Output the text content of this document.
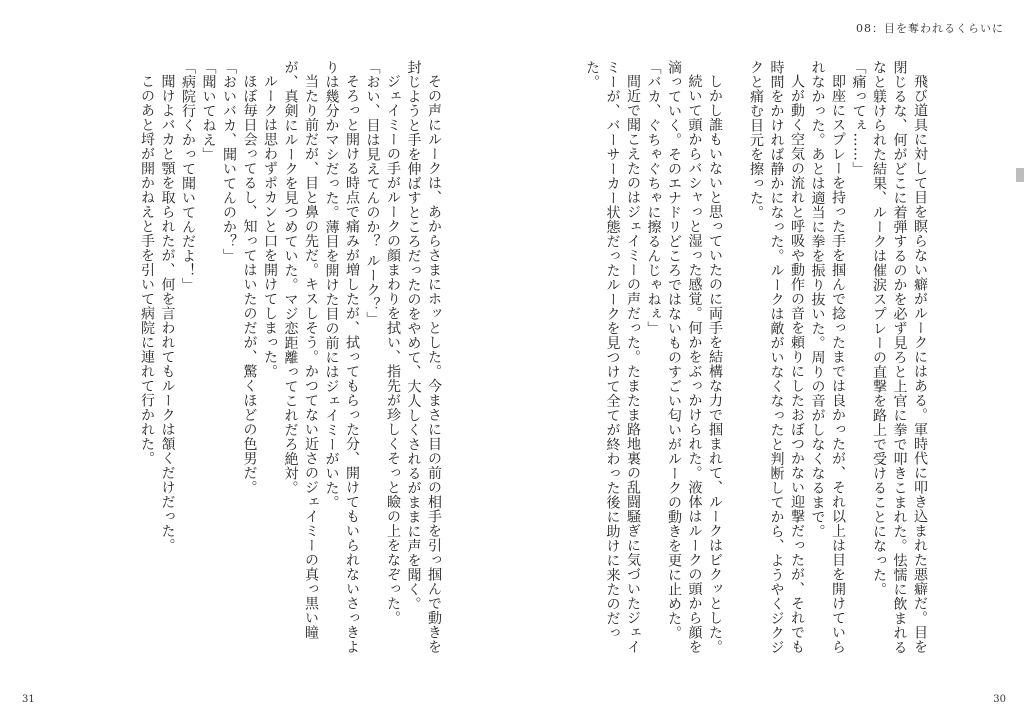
08：目を奪われるくらいに

飛び道具に対して目を瞑らない癖がルークにはある。軍時代に叩き込まれた悪癖だ。目を閉じるな、何がどこに着弾するのかを必ず見ろと上官に拳で叩きこまれた。怯懦に飲まれるなと躾けられた結果、ルークは催涙スプレーの直撃を路上で受けることになった。

「痛ってぇ……」

即座にスプレーを持った手を掴んで捻ったまでは良かったが、それ以上は目を開けていられなかった。あとは適当に拳を振り抜いた。周りの音がしなくなるまで。

人が動く空気の流れと呼吸や動作の音を頼りにしたおぼつかない迎撃だったが、それでも時間をかければ静かになった。ルークは敵がいなくなったと判断してから、ようやくジクジクと痛む目元を擦った。

しかし誰もいないと思っていたのに両手を結構な力で掴まれて、ルークはビクッとした。

続いて頭からバシャっと湿った感覚。何かをぶっかけられた。液体はルークの頭から顔を滴っていく。そのエナドリどころではないものすごい匂いがルークの動きを更に止めた。

「バカ、ぐちゃぐちゃに擦るんじゃねぇ」

間近で聞こえたのはジェイミーの声だった。たまたま路地裏の乱闘騒ぎに気づいたジェイミーが、バーサーカー状態だったルークを見つけて全てが終わった後に助けに来たのだった。

その声にルークは、あからさまにホッとした。今まさに目の前の相手を引っ掴んで動きを封じようと手を伸ばすところだったのをやめて、大人しくされるがままに声を聞く。

ジェイミーの手がルークの顔まわりを拭い、指先が珍しくそっと瞼の上をなぞった。

「おい、目は見えてんのか？ ルーク？」

そろっと開ける時点で痛みが増したが、拭ってもらった分、開けてもいられないさっきよりは幾分かマシだった。薄目を開けた目の前にはジェイミーがいた。

当たり前だが、目と鼻の先だ。キスしそう。かつてない近さのジェイミーの真っ黒い瞳が、真剣にルークを見つめていた。マジ恋距離ってこれだろ絶対。

ルークは思わずポカンと口を開けてしまった。

ほぼ毎日会ってるし、知ってはいたのだが、驚くほどの色男だ。

「おいバカ、聞いてんのか？」

「聞いてねえ」

「病院行くかって聞いてんだよ！」

聞けよバカと顎を取られたが、何を言われてもルークは頷くだけだった。

このあと埒が開かねえと手を引いて病院に連れて行かれた。

30
31
